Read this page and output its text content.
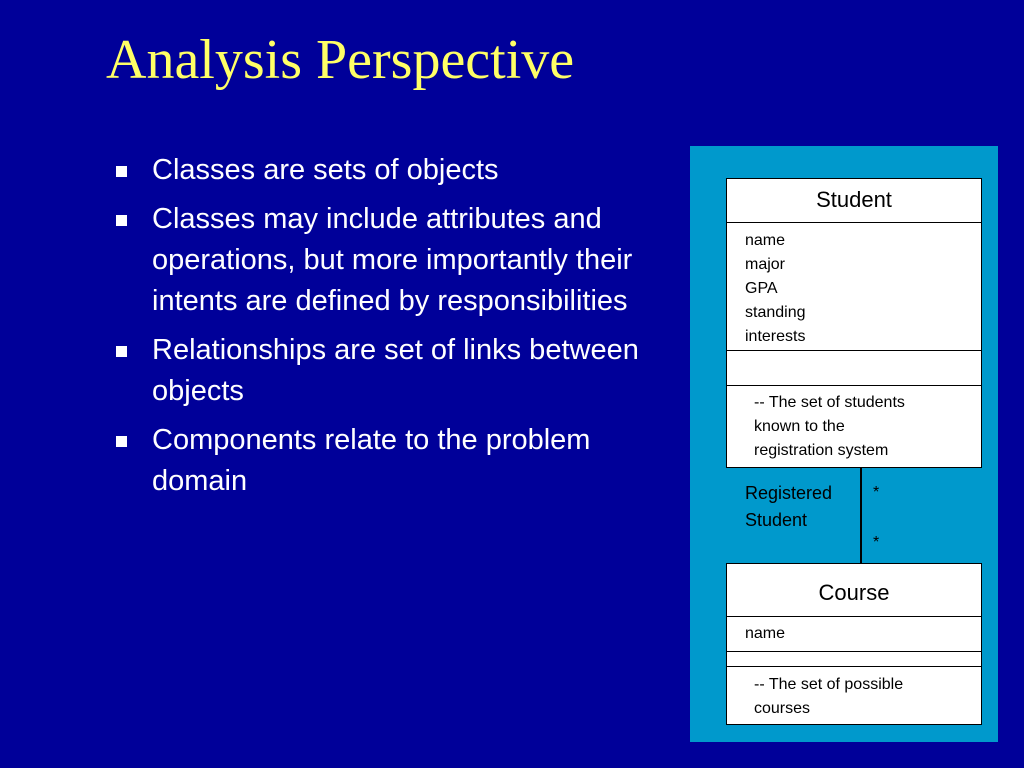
Analysis Perspective
Classes are sets of objects
Classes may include attributes and operations, but more importantly their intents are defined by responsibilities
Relationships are set of links between objects
Components relate to the problem domain
Student
name
major
GPA
standing
interests
-- The set of students
known to the
registration system
Registered
Student
*
*
Course
name
-- The set of possible
courses
